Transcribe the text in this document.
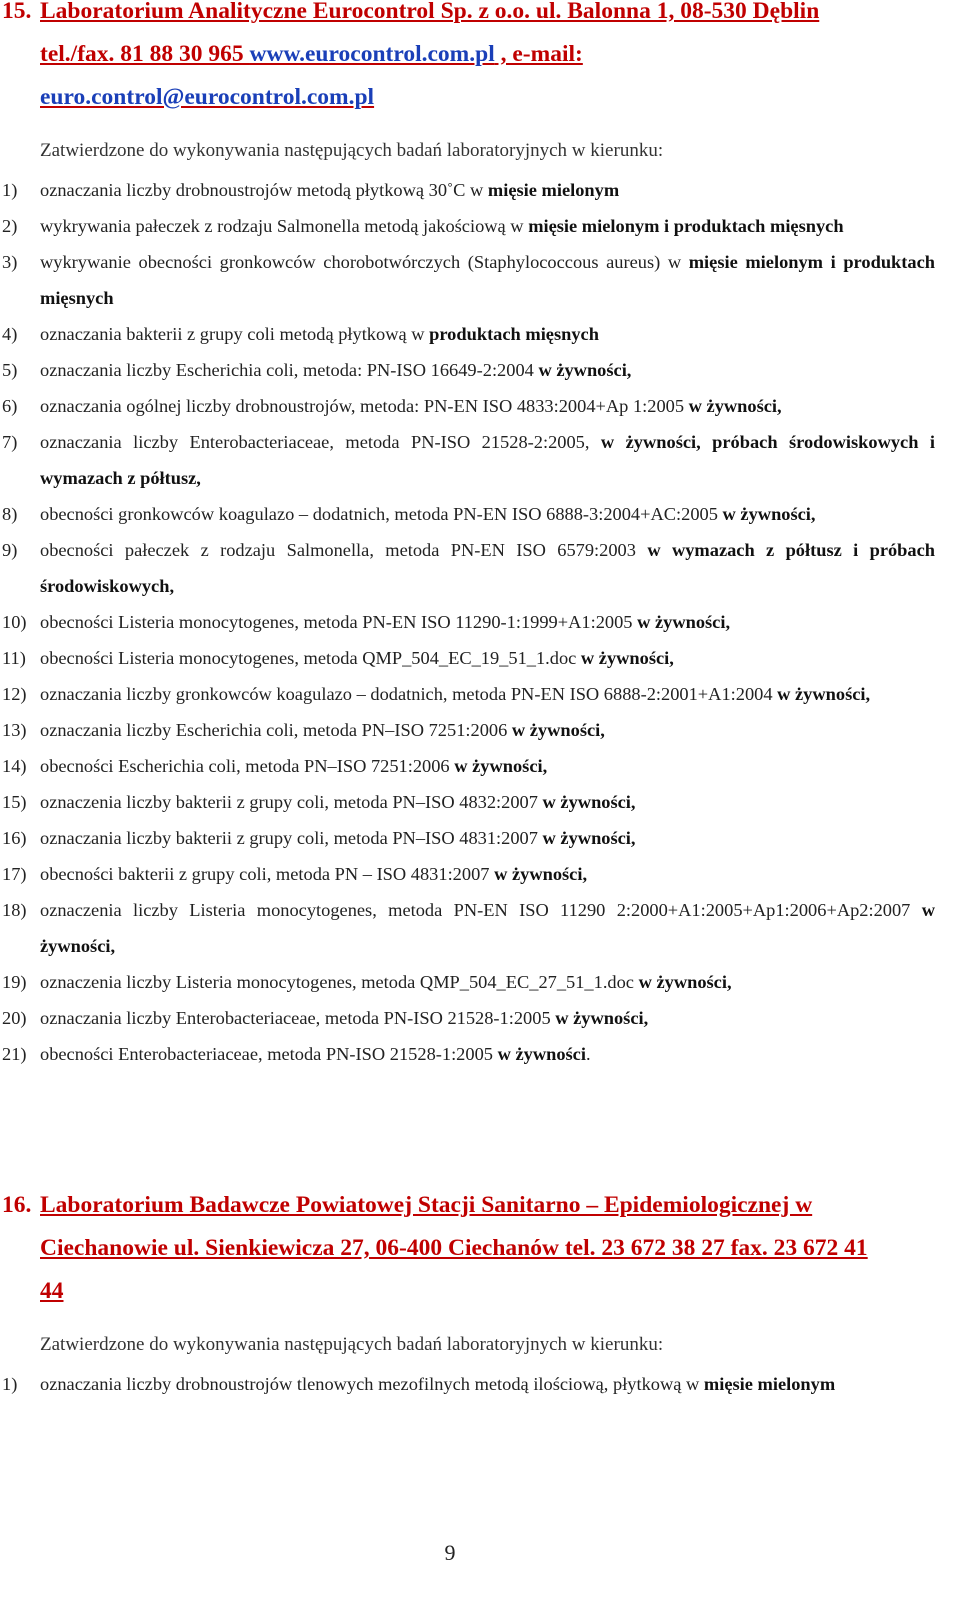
15. Laboratorium Analityczne Eurocontrol Sp. z o.o. ul. Balonna 1, 08-530 Dęblin
tel./fax. 81 88 30 965 www.eurocontrol.com.pl , e-mail:
euro.control@eurocontrol.com.pl
Zatwierdzone do wykonywania następujących badań laboratoryjnych w kierunku:
1) oznaczania liczby drobnoustrojów metodą płytkową 30˚C w mięsie mielonym
2) wykrywania pałeczek z rodzaju Salmonella metodą jakościową w mięsie mielonym i produktach mięsnych
3) wykrywanie obecności gronkowców chorobotwórczych (Staphylococcous aureus) w mięsie mielonym i produktach mięsnych
4) oznaczania bakterii z grupy coli metodą płytkową w produktach mięsnych
5) oznaczania liczby Escherichia coli, metoda: PN-ISO 16649-2:2004 w żywności,
6) oznaczania ogólnej liczby drobnoustrojów, metoda: PN-EN ISO 4833:2004+Ap 1:2005 w żywności,
7) oznaczania liczby Enterobacteriaceae, metoda PN-ISO 21528-2:2005, w żywności, próbach środowiskowych i wymazach z półtusz,
8) obecności gronkowców koagulazo – dodatnich, metoda PN-EN ISO 6888-3:2004+AC:2005 w żywności,
9) obecności pałeczek z rodzaju Salmonella, metoda PN-EN ISO 6579:2003 w wymazach z półtusz i próbach środowiskowych,
10) obecności Listeria monocytogenes, metoda PN-EN ISO 11290-1:1999+A1:2005 w żywności,
11) obecności Listeria monocytogenes, metoda QMP_504_EC_19_51_1.doc w żywności,
12) oznaczania liczby gronkowców koagulazo – dodatnich, metoda PN-EN ISO 6888-2:2001+A1:2004 w żywności,
13) oznaczania liczby Escherichia coli, metoda PN–ISO 7251:2006 w żywności,
14) obecności Escherichia coli, metoda PN–ISO 7251:2006 w żywności,
15) oznaczenia liczby bakterii z grupy coli, metoda PN–ISO 4832:2007 w żywności,
16) oznaczania liczby bakterii z grupy coli, metoda PN–ISO 4831:2007 w żywności,
17) obecności bakterii z grupy coli, metoda PN – ISO 4831:2007 w żywności,
18) oznaczenia liczby Listeria monocytogenes, metoda PN-EN ISO 11290 2:2000+A1:2005+Ap1:2006+Ap2:2007 w żywności,
19) oznaczenia liczby Listeria monocytogenes, metoda QMP_504_EC_27_51_1.doc w żywności,
20) oznaczania liczby Enterobacteriaceae, metoda PN-ISO 21528-1:2005 w żywności,
21) obecności Enterobacteriaceae, metoda PN-ISO 21528-1:2005 w żywności.
16. Laboratorium Badawcze Powiatowej Stacji Sanitarno – Epidemiologicznej w
Ciechanowie ul. Sienkiewicza 27, 06-400 Ciechanów tel. 23 672 38 27 fax. 23 672 41
44
Zatwierdzone do wykonywania następujących badań laboratoryjnych w kierunku:
1) oznaczania liczby drobnoustrojów tlenowych mezofilnych metodą ilościową, płytkową w mięsie mielonym
9
